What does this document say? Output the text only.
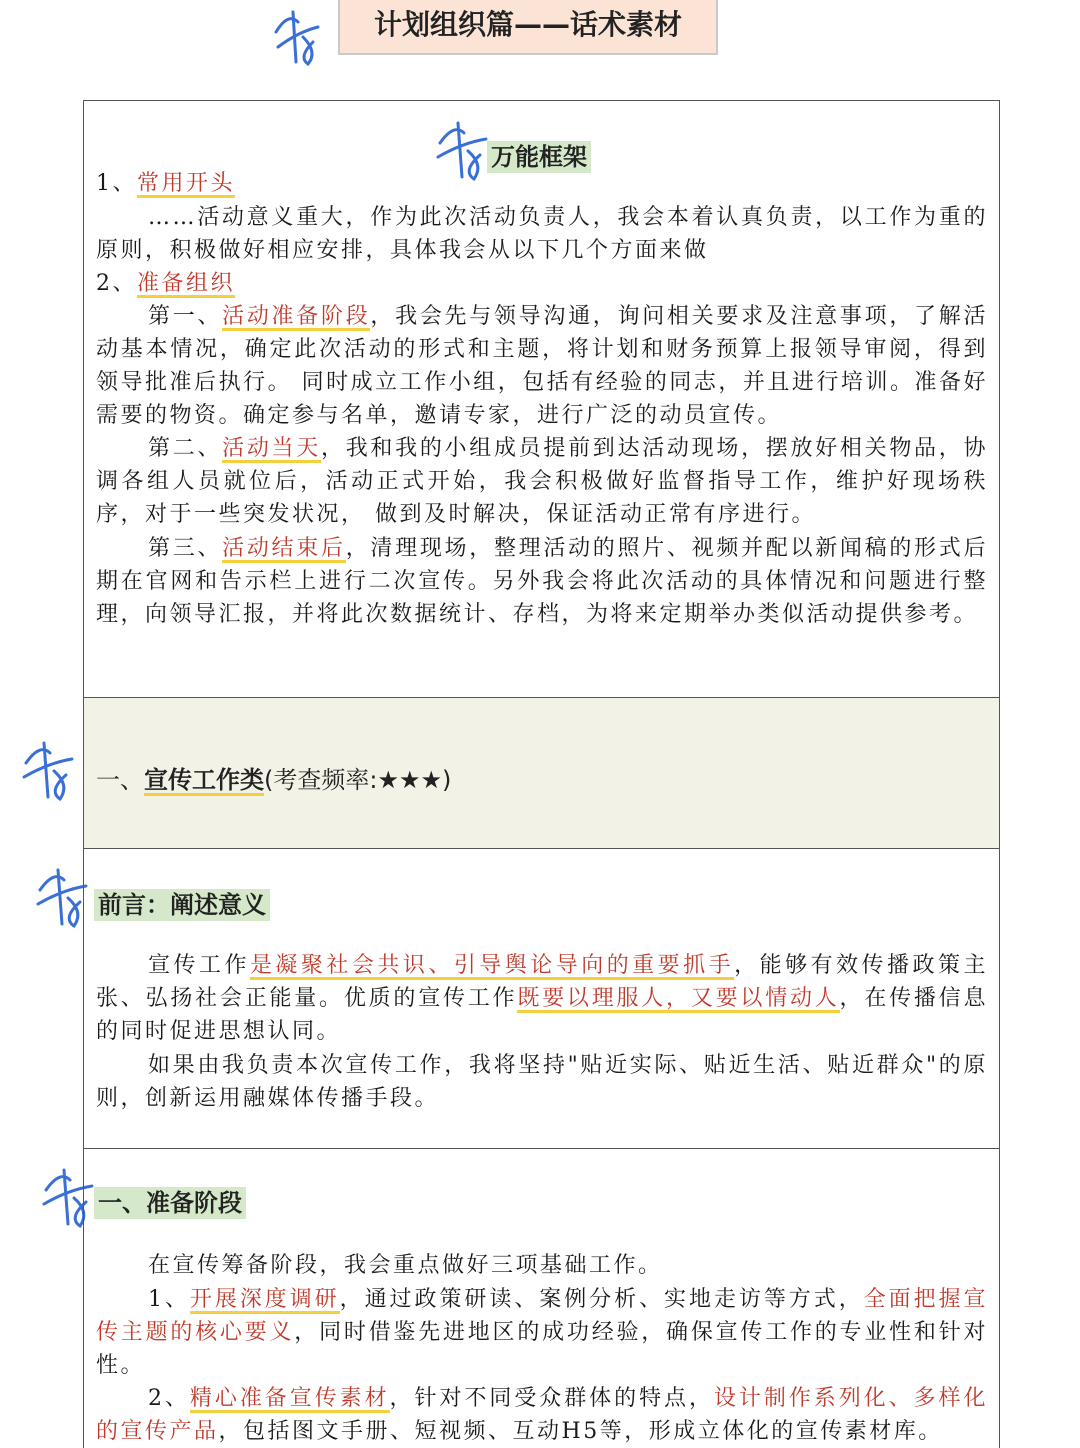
计划组织篇——话术素材
万能框架

1、常用开头

……活动意义重大，作为此次活动负责人，我会本着认真负责，以工作为重的原则，积极做好相应安排，具体我会从以下几个方面来做

2、准备组织

第一、活动准备阶段，我会先与领导沟通，询问相关要求及注意事项，了解活动基本情况，确定此次活动的形式和主题，将计划和财务预算上报领导审阅，得到领导批准后执行。 同时成立工作小组，包括有经验的同志，并且进行培训。准备好需要的物资。确定参与名单，邀请专家，进行广泛的动员宣传。

第二、活动当天，我和我的小组成员提前到达活动现场，摆放好相关物品，协调各组人员就位后，活动正式开始，我会积极做好监督指导工作，维护好现场秩序，对于一些突发状况， 做到及时解决，保证活动正常有序进行。

第三、活动结束后，清理现场，整理活动的照片、视频并配以新闻稿的形式后期在官网和告示栏上进行二次宣传。另外我会将此次活动的具体情况和问题进行整理，向领导汇报，并将此次数据统计、存档，为将来定期举办类似活动提供参考。

一、宣传工作类(考查频率:★★★)
前言：阐述意义

宣传工作是凝聚社会共识、引导舆论导向的重要抓手，能够有效传播政策主张、弘扬社会正能量。优质的宣传工作既要以理服人，又要以情动人，在传播信息的同时促进思想认同。

如果由我负责本次宣传工作，我将坚持"贴近实际、贴近生活、贴近群众"的原则，创新运用融媒体传播手段。

一、准备阶段

在宣传筹备阶段，我会重点做好三项基础工作。

1、开展深度调研，通过政策研读、案例分析、实地走访等方式，全面把握宣传主题的核心要义，同时借鉴先进地区的成功经验，确保宣传工作的专业性和针对性。

2、精心准备宣传素材，针对不同受众群体的特点，设计制作系列化、多样化的宣传产品，包括图文手册、短视频、互动H5等，形成立体化的宣传素材库。
